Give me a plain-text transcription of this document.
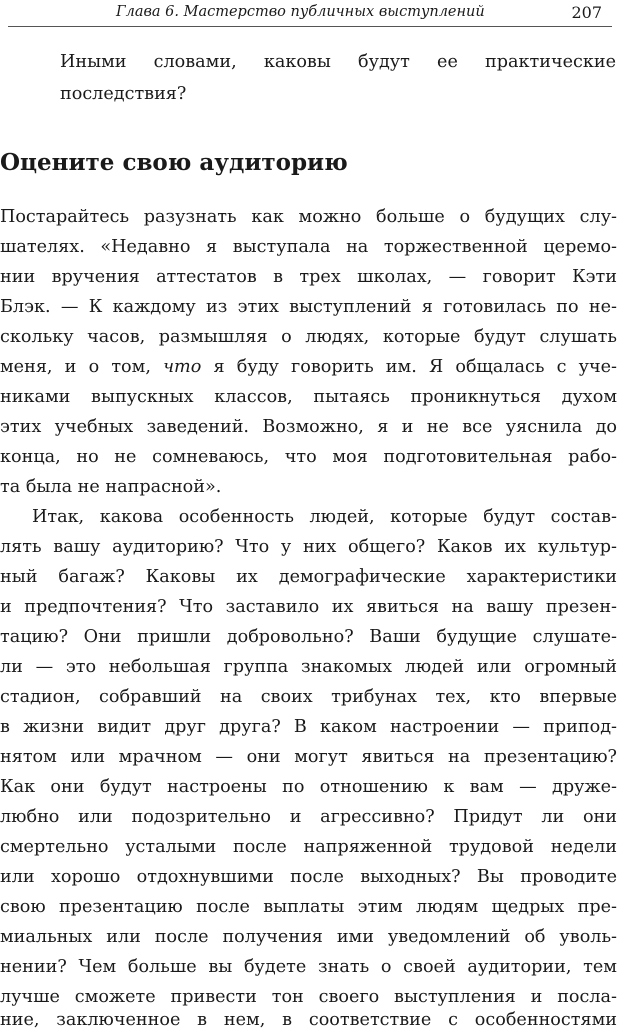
Глава 6. Мастерство публичных выступлений	207
Иными словами, каковы будут ее практические
последствия?
Оцените свою аудиторию
Постарайтесь разузнать как можно больше о будущих слу-
шателях. «Недавно я выступала на торжественной церемо-
нии вручения аттестатов в трех школах, — говорит Кэти
Блэк. — К каждому из этих выступлений я готовилась по не-
скольку часов, размышляя о людях, которые будут слушать
меня, и о том, что я буду говорить им. Я общалась с уче-
никами выпускных классов, пытаясь проникнуться духом
этих учебных заведений. Возможно, я и не все уяснила до
конца, но не сомневаюсь, что моя подготовительная рабо-
та была не напрасной».
Итак, какова особенность людей, которые будут состав-
лять вашу аудиторию? Что у них общего? Каков их культур-
ный багаж? Каковы их демографические характеристики
и предпочтения? Что заставило их явиться на вашу презен-
тацию? Они пришли добровольно? Ваши будущие слушате-
ли — это небольшая группа знакомых людей или огромный
стадион, собравший на своих трибунах тех, кто впервые
в жизни видит друг друга? В каком настроении — припод-
нятом или мрачном — они могут явиться на презентацию?
Как они будут настроены по отношению к вам — друже-
любно или подозрительно и агрессивно? Придут ли они
смертельно усталыми после напряженной трудовой недели
или хорошо отдохнувшими после выходных? Вы проводите
свою презентацию после выплаты этим людям щедрых пре-
миальных или после получения ими уведомлений об уволь-
нении? Чем больше вы будете знать о своей аудитории, тем
лучше сможете привести тон своего выступления и посла-
ние, заключенное в нем, в соответствие с особенностями
